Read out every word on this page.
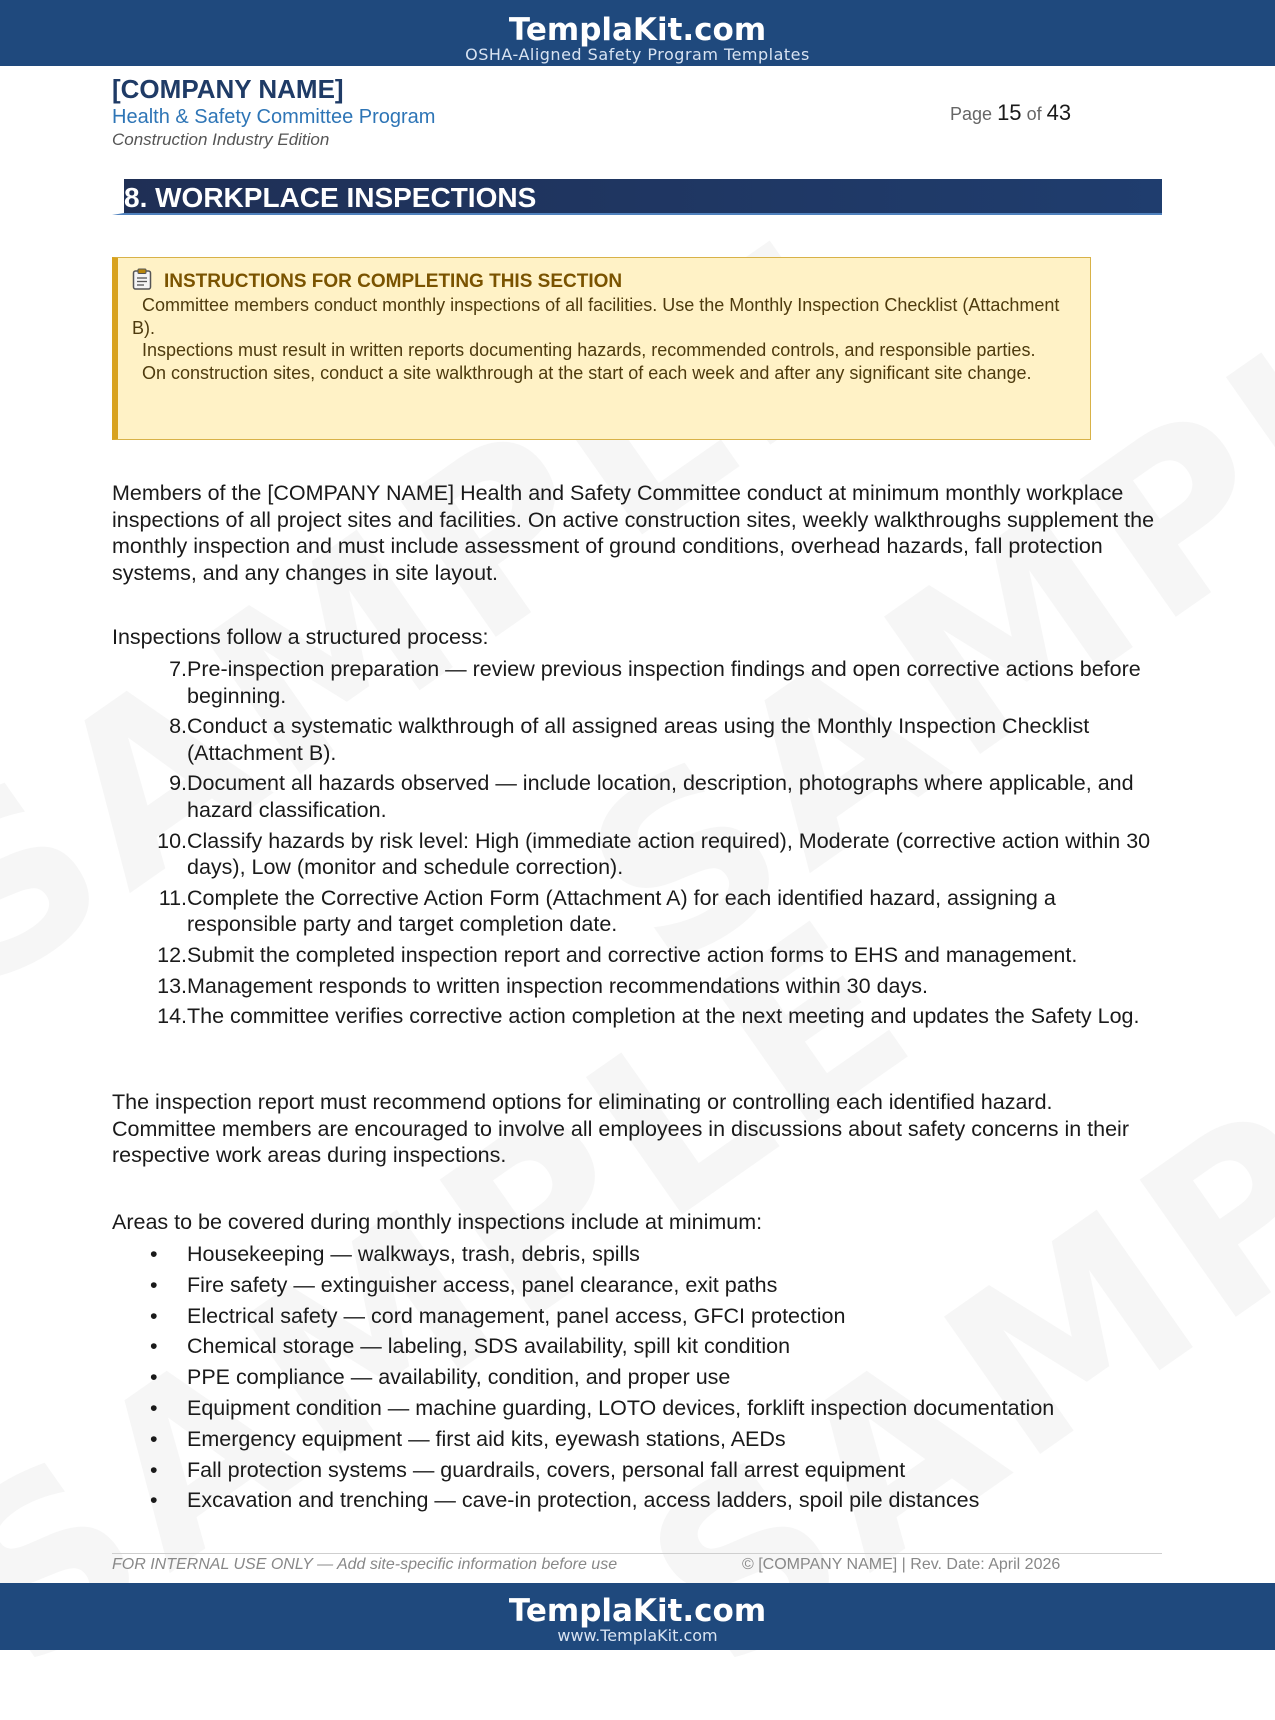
TemplaKit.com
OSHA-Aligned Safety Program Templates
[COMPANY NAME]
Health & Safety Committee Program
Construction Industry Edition
Page 15 of 43
8. WORKPLACE INSPECTIONS
INSTRUCTIONS FOR COMPLETING THIS SECTION

Committee members conduct monthly inspections of all facilities. Use the Monthly Inspection Checklist (Attachment B).

Inspections must result in written reports documenting hazards, recommended controls, and responsible parties.

On construction sites, conduct a site walkthrough at the start of each week and after any significant site change.

Members of the [COMPANY NAME] Health and Safety Committee conduct at minimum monthly workplace inspections of all project sites and facilities. On active construction sites, weekly walkthroughs supplement the monthly inspection and must include assessment of ground conditions, overhead hazards, fall protection systems, and any changes in site layout.

Inspections follow a structured process:

7. Pre-inspection preparation — review previous inspection findings and open corrective actions before beginning.
8. Conduct a systematic walkthrough of all assigned areas using the Monthly Inspection Checklist (Attachment B).
9. Document all hazards observed — include location, description, photographs where applicable, and hazard classification.
10. Classify hazards by risk level: High (immediate action required), Moderate (corrective action within 30 days), Low (monitor and schedule correction).
11. Complete the Corrective Action Form (Attachment A) for each identified hazard, assigning a responsible party and target completion date.
12. Submit the completed inspection report and corrective action forms to EHS and management.
13. Management responds to written inspection recommendations within 30 days.
14. The committee verifies corrective action completion at the next meeting and updates the Safety Log.

The inspection report must recommend options for eliminating or controlling each identified hazard. Committee members are encouraged to involve all employees in discussions about safety concerns in their respective work areas during inspections.

Areas to be covered during monthly inspections include at minimum:

• Housekeeping — walkways, trash, debris, spills
• Fire safety — extinguisher access, panel clearance, exit paths
• Electrical safety — cord management, panel access, GFCI protection
• Chemical storage — labeling, SDS availability, spill kit condition
• PPE compliance — availability, condition, and proper use
• Equipment condition — machine guarding, LOTO devices, forklift inspection documentation
• Emergency equipment — first aid kits, eyewash stations, AEDs
• Fall protection systems — guardrails, covers, personal fall arrest equipment
• Excavation and trenching — cave-in protection, access ladders, spoil pile distances
FOR INTERNAL USE ONLY — Add site-specific information before use	© [COMPANY NAME] | Rev. Date: April 2026
TemplaKit.com
www.TemplaKit.com
